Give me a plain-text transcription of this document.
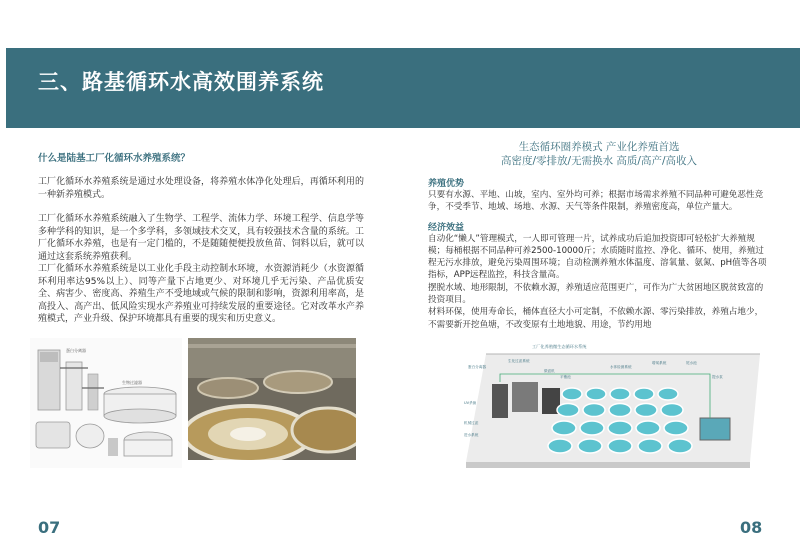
三、路基循环水高效围养系统
什么是陆基工厂化循环水养殖系统？

工厂化循环水养殖系统是通过水处理设备，将养殖水体净化处理后，再循环利用的一种新养殖模式。

工厂化循环水养殖系统融入了生物学、工程学、流体力学、环境工程学、信息学等多种学科的知识，是一个多学科，多领域技术交叉，具有较强技术含量的系统。工厂化循环水养殖，也是有一定门槛的，不是随随便便投放鱼苗、饲料以后，就可以通过这套系统养殖获利。

工厂化循环水养殖系统是以工业化手段主动控制水环境，水资源消耗少（水资源循环利用率达95%以上）、同等产量下占地更少、对环境几乎无污染、产品优质安全、病害少、密度高、养殖生产不受地域或气候的限制和影响，资源利用率高，是高投入、高产出、低风险实现水产养殖业可持续发展的重要途径。它对改革水产养殖模式，产业升级、保护环境都具有重要的现实和历史意义。

生态循环圈养模式 产业化养殖首选
高密度/零排放/无需换水 高质/高产/高收入
养殖优势
只要有水源、平地、山坡，室内、室外均可养；根据市场需求养殖不同品种可避免恶性竞争，不受季节、地域、场地、水源、天气等条件限制，养殖密度高，单位产量大。
经济效益
自动化“懒人”管理模式，一人即可管理一片，试养成功后追加投资即可轻松扩大养殖规模；每桶根据不同品种可养2500-10000斤；水质随时监控、净化、循环、使用，养殖过程无污水排放，避免污染周围环境；自动检测养殖水体温度、溶氧量、氨氮、pH值等各项指标，APP远程监控，科技含量高。
摆脱水域、地形限制，不依赖水源，养殖适应范围更广，可作为广大贫困地区脱贫致富的投资项目。
材料环保，使用寿命长，桶体直径大小可定制，不依赖水源、零污染排放，养殖占地少，不需要新开挖鱼塘，不改变原有土地地貌、用途，节约用地
蛋白分离器
生物过滤器
工厂化养殖微生态循环水系统
蛋白分离器
生化过滤系统
微滤机
水体检测系统
平衡池	提水泵
增氧系统	尾水池
UV杀菌
机械过滤
进水系统
07	08
